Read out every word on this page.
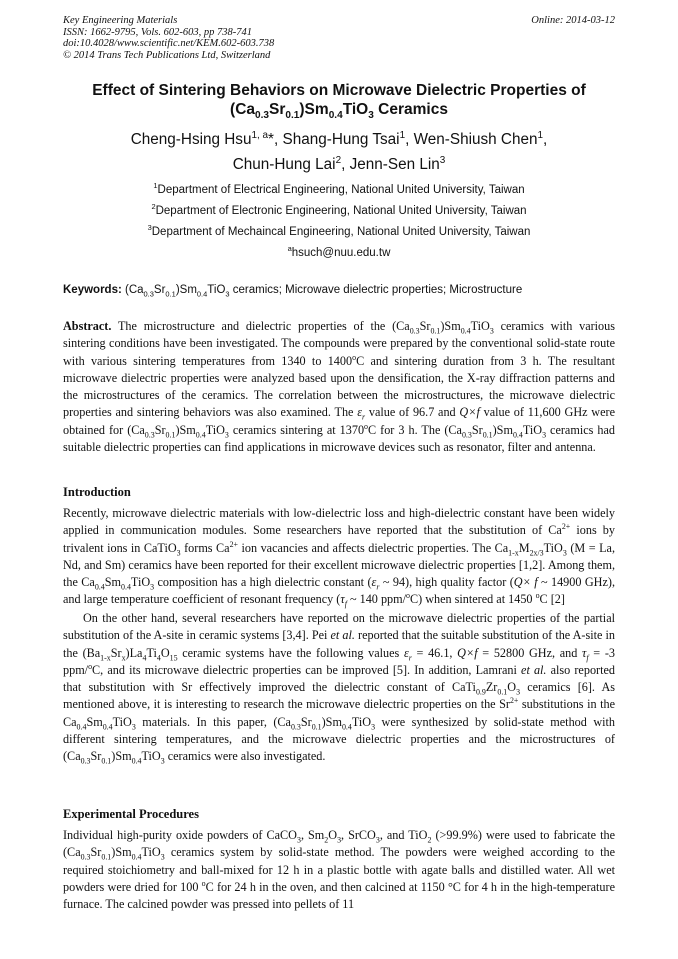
Key Engineering Materials
ISSN: 1662-9795, Vols. 602-603, pp 738-741
doi:10.4028/www.scientific.net/KEM.602-603.738
© 2014 Trans Tech Publications Ltd, Switzerland
Online: 2014-03-12
Effect of Sintering Behaviors on Microwave Dielectric Properties of
$(Ca_{0.3}Sr_{0.1})Sm_{0.4}TiO_3$ Ceramics
Cheng-Hsing Hsu$^{1, a}$*, Shang-Hung Tsai$^1$, Wen-Shiush Chen$^1$,
Chun-Hung Lai$^2$, Jenn-Sen Lin$^3$
$^1$Department of Electrical Engineering, National United University, Taiwan
$^2$Department of Electronic Engineering, National United University, Taiwan
$^3$Department of Mechaincal Engineering, National United University, Taiwan
$^a$hsuch@nuu.edu.tw
Keywords: $(Ca_{0.3}Sr_{0.1})Sm_{0.4}TiO_3$ ceramics; Microwave dielectric properties; Microstructure
Abstract. The microstructure and dielectric properties of the $(Ca_{0.3}Sr_{0.1})Sm_{0.4}TiO_3$ ceramics with various sintering conditions have been investigated. The compounds were prepared by the conventional solid-state route with various sintering temperatures from 1340 to 1400$^o$C and sintering duration from 3 h. The resultant microwave dielectric properties were analyzed based upon the densification, the X-ray diffraction patterns and the microstructures of the ceramics. The correlation between the microstructures, the microwave dielectric properties and sintering behaviors was also examined. The $\varepsilon_r$ value of 96.7 and Q×f value of 11,600 GHz were obtained for $(Ca_{0.3}Sr_{0.1})Sm_{0.4}TiO_3$ ceramics sintering at 1370$^o$C for 3 h. The $(Ca_{0.3}Sr_{0.1})Sm_{0.4}TiO_3$ ceramics had suitable dielectric properties can find applications in microwave devices such as resonator, filter and antenna.
Introduction
Recently, microwave dielectric materials with low-dielectric loss and high-dielectric constant have been widely applied in communication modules. Some researchers have reported that the substitution of $Ca^{2+}$ ions by trivalent ions in CaTiO$_3$ forms $Ca^{2+}$ ion vacancies and affects dielectric properties. The $Ca_{1-x}M_{2x/3}TiO_3$ (M = La, Nd, and Sm) ceramics have been reported for their excellent microwave dielectric properties [1,2]. Among them, the $Ca_{0.4}Sm_{0.4}TiO_3$ composition has a high dielectric constant ($\varepsilon_r$ ~ 94), high quality factor (Q× f ~ 14900 GHz), and large temperature coefficient of resonant frequency ($\tau_f$ ~ 140 ppm/$^o$C) when sintered at 1450 $^o$C [2]
On the other hand, several researchers have reported on the microwave dielectric properties of the partial substitution of the A-site in ceramic systems [3,4]. Pei et al. reported that the suitable substitution of the A-site in the $(Ba_{1-x}Sr_x)La_4Ti_4O_{15}$ ceramic systems have the following values $\varepsilon_r = 46.1$, Q×f = 52800 GHz, and $\tau_f = -3$ ppm/$^o$C, and its microwave dielectric properties can be improved [5]. In addition, Lamrani et al. also reported that substitution with Sr effectively improved the dielectric constant of $CaTi_{0.9}Zr_{0.1}O_3$ ceramics [6]. As mentioned above, it is interesting to research the microwave dielectric properties on the $Sr^{2+}$ substitutions in the $Ca_{0.4}Sm_{0.4}TiO_3$ materials. In this paper, $(Ca_{0.3}Sr_{0.1})Sm_{0.4}TiO_3$ were synthesized by solid-state method with different sintering temperatures, and the microwave dielectric properties and the microstructures of $(Ca_{0.3}Sr_{0.1})Sm_{0.4}TiO_3$ ceramics were also investigated.
Experimental Procedures
Individual high-purity oxide powders of CaCO$_3$, $Sm_2O_3$, SrCO$_3$, and TiO$_2$ (>99.9%) were used to fabricate the $(Ca_{0.3}Sr_{0.1})Sm_{0.4}TiO_3$ ceramics system by solid-state method. The powders were weighed according to the required stoichiometry and ball-mixed for 12 h in a plastic bottle with agate balls and distilled water. All wet powders were dried for 100 $^o$C for 24 h in the oven, and then calcined at 1150 °C for 4 h in the high-temperature furnace. The calcined powder was pressed into pellets of 11
